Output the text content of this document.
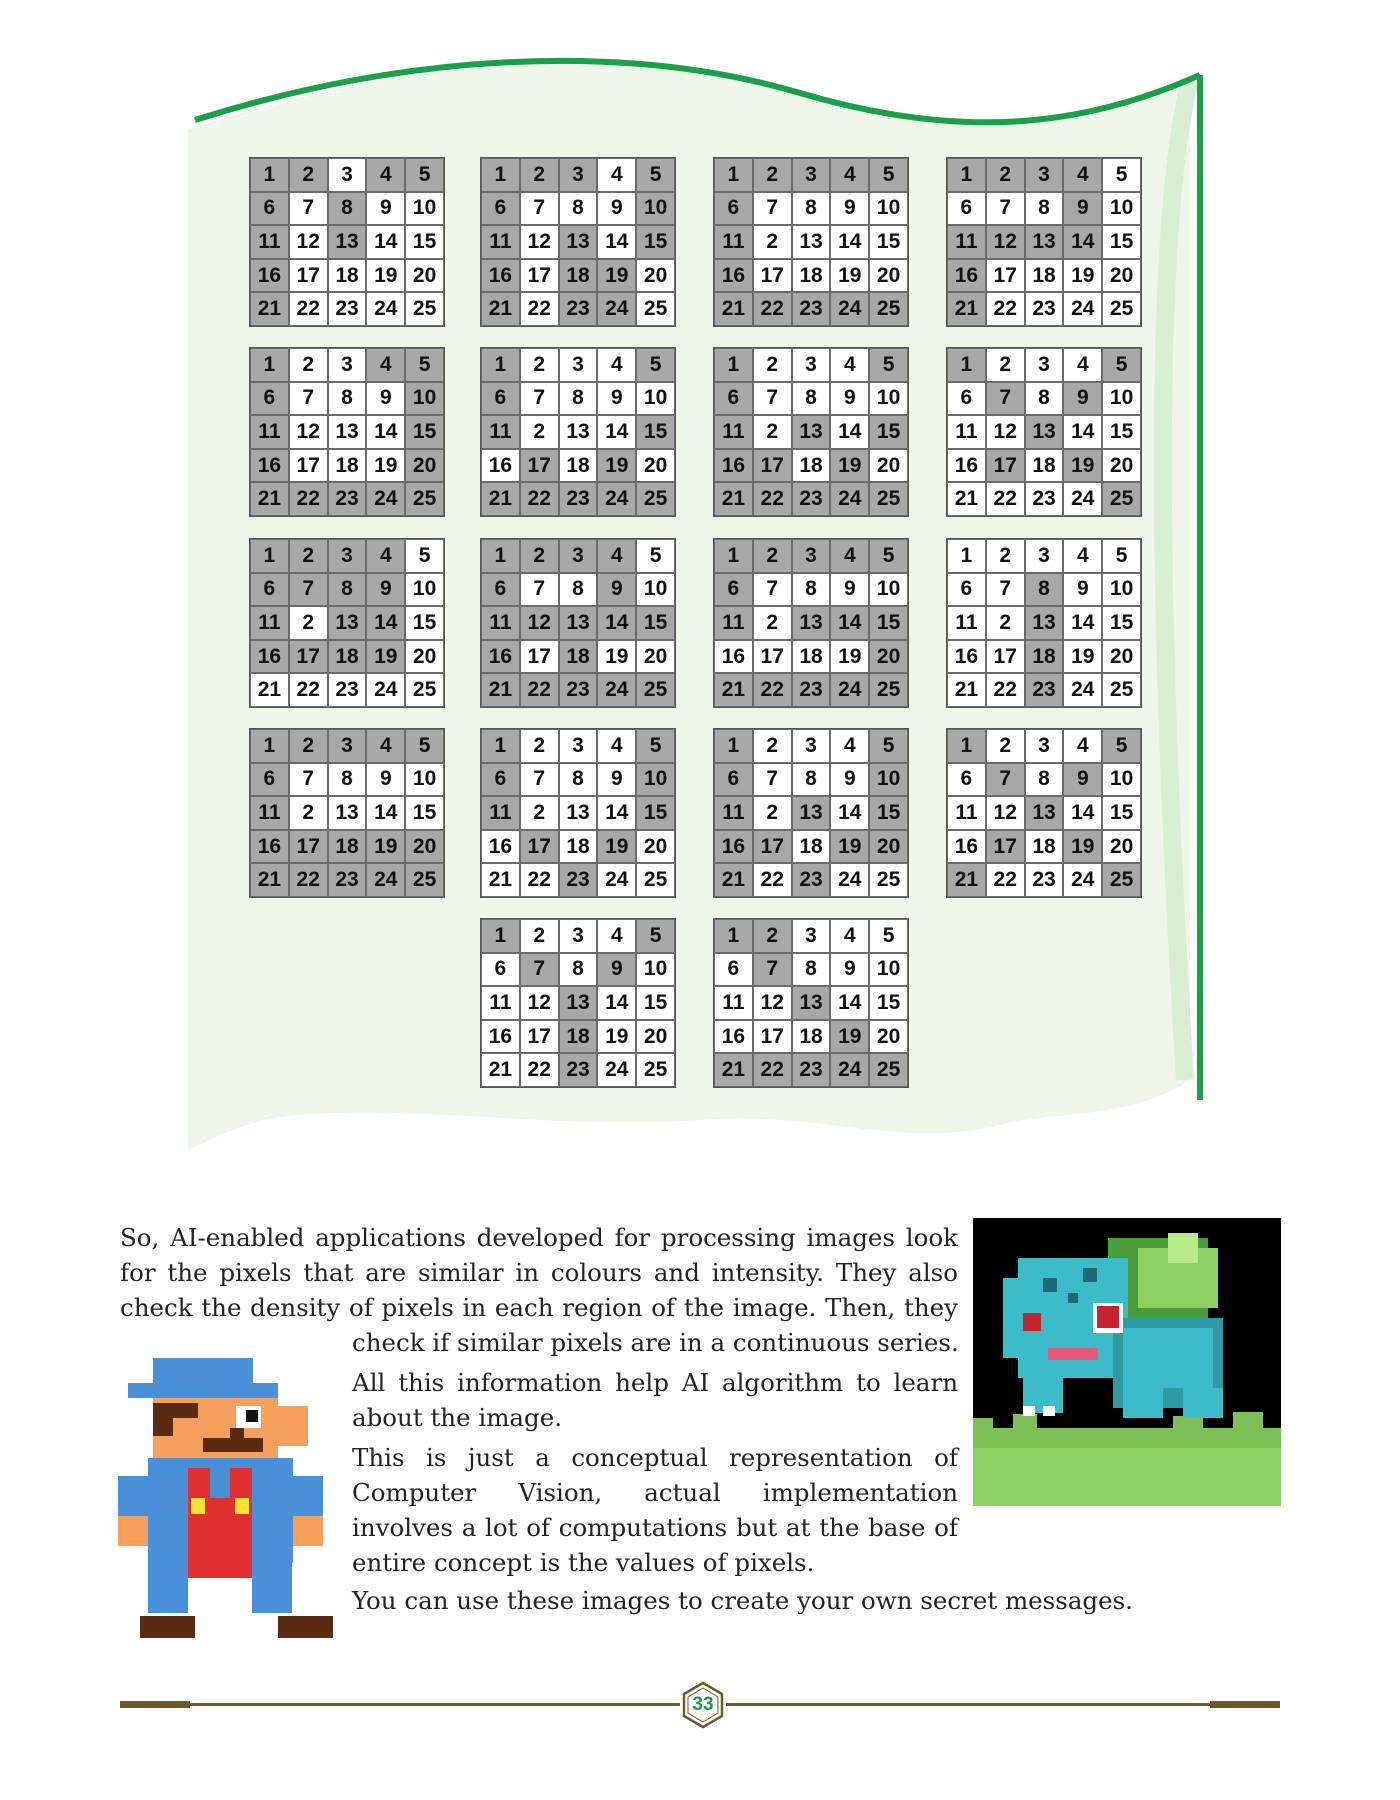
1	2	3	4	5
6	7	8	9	10
11 12 13 14 15
16 17 18 19 20
21 22 23 24 25
1	2	3	4	5
6	7	8	9	10
11 12 13 14 15
16 17 18 19 20
21 22 23 24 25
1	2	3	4	5
6	7	8	9	10
11	2	13 14 15
16 17 18 19 20
21 22 23 24 25
1	2	3	4	5
6	7	8	9	10
11 12 13 14 15
16 17 18 19 20
21 22 23 24 25
1	2	3	4	5
6	7	8	9	10
11 12 13 14 15
16 17 18 19 20
21 22 23 24 25
1	2	3	4	5
6	7	8	9	10
11	2	13 14 15
16 17 18 19 20
21 22 23 24 25
1	2	3	4	5
6	7	8	9	10
11	2	13 14 15
16 17 18 19 20
21 22 23 24 25
1	2	3	4	5
6	7	8	9	10
11 12 13 14 15
16 17 18 19 20
21 22 23 24 25
1	2	3	4	5
6	7	8	9	10
11	2	13 14 15
16 17 18 19 20
21 22 23 24 25
1	2	3	4	5
6	7	8	9	10
11 12 13 14 15
16 17 18 19 20
21 22 23 24 25
1	2	3	4	5
6	7	8	9	10
11	2	13 14 15
16 17 18 19 20
21 22 23 24 25
1	2	3	4	5
6	7	8	9	10
11	2	13 14 15
16 17 18 19 20
21 22 23 24 25
1	2	3	4	5
6	7	8	9	10
11	2	13 14 15
16 17 18 19 20
21 22 23 24 25
1	2	3	4	5
6	7	8	9	10
11	2	13 14 15
16 17 18 19 20
21 22 23 24 25
1	2	3	4	5
6	7	8	9	10
11	2	13 14 15
16 17 18 19 20
21 22 23 24 25
1	2	3	4	5
6	7	8	9	10
11 12 13 14 15
16 17 18 19 20
21 22 23 24 25
1	2	3	4	5
6	7	8	9	10
11 12 13 14 15
16 17 18 19 20
21 22 23 24 25
1	2	3	4	5
6	7	8	9	10
11 12 13 14 15
16 17 18 19 20
21 22 23 24 25
So, AI-enabled applications developed for processing images look
for the pixels that are similar in colours and intensity. They also
check the density of pixels in each region of the image. Then, they
check if similar pixels are in a continuous series.
All this information help AI algorithm to learn
about the image.
This is just a conceptual representation of
Computer Vision, actual implementation
involves a lot of computations but at the base of
entire concept is the values of pixels.
You can use these images to create your own secret messages.
33
